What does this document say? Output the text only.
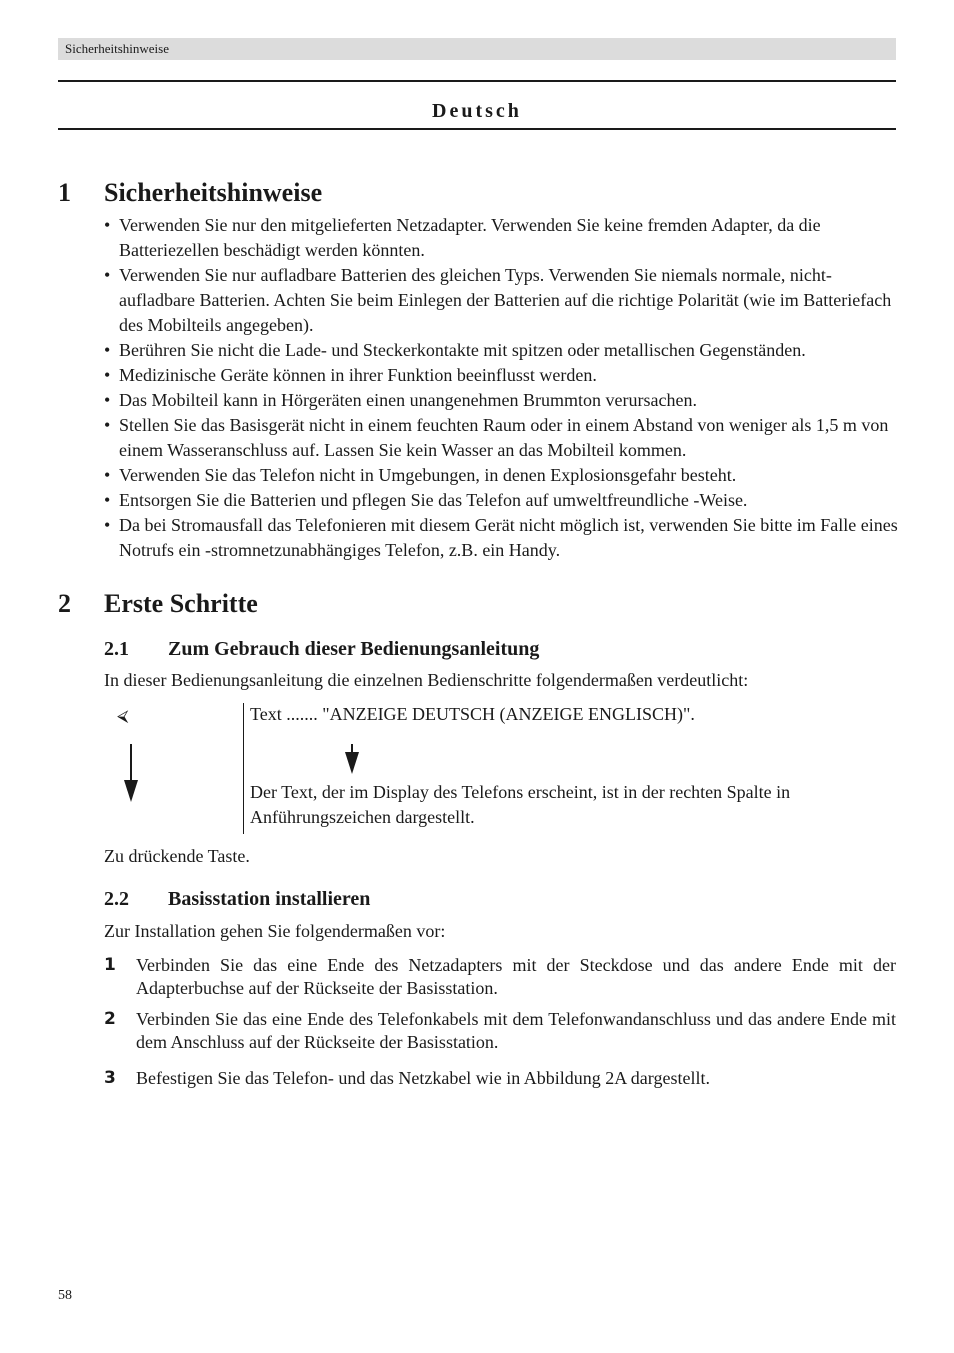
Sicherheitshinweise
Deutsch
1 Sicherheitshinweise
• Verwenden Sie nur den mitgelieferten Netzadapter. Verwenden Sie keine fremden Adapter, da die Batteriezellen beschädigt werden könnten.
• Verwenden Sie nur aufladbare Batterien des gleichen Typs. Verwenden Sie niemals normale, nicht-aufladbare Batterien. Achten Sie beim Einlegen der Batterien auf die richtige Polarität (wie im Batteriefach des Mobilteils angegeben).
• Berühren Sie nicht die Lade- und Steckerkontakte mit spitzen oder metallischen Gegenständen.
• Medizinische Geräte können in ihrer Funktion beeinflusst werden.
• Das Mobilteil kann in Hörgeräten einen unangenehmen Brummton verursachen.
• Stellen Sie das Basisgerät nicht in einem feuchten Raum oder in einem Abstand von weniger als 1,5 m von einem Wasseranschluss auf. Lassen Sie kein Wasser an das Mobilteil kommen.
• Verwenden Sie das Telefon nicht in Umgebungen, in denen Explosionsgefahr besteht.
• Entsorgen Sie die Batterien und pflegen Sie das Telefon auf umweltfreundliche -Weise.
• Da bei Stromausfall das Telefonieren mit diesem Gerät nicht möglich ist, verwenden Sie bitte im Falle eines Notrufs ein -stromnetzunabhängiges Telefon, z.B. ein Handy.
2 Erste Schritte
2.1 Zum Gebrauch dieser Bedienungsanleitung
In dieser Bedienungsanleitung die einzelnen Bedienschritte folgendermaßen verdeutlicht:
⮘	Text ....... "ANZEIGE DEUTSCH (ANZEIGE ENGLISCH)".
Der Text, der im Display des Telefons erscheint, ist in der rechten Spalte in Anführungszeichen dargestellt.
Zu drückende Taste.
2.2 Basisstation installieren
Zur Installation gehen Sie folgendermaßen vor:
1 Verbinden Sie das eine Ende des Netzadapters mit der Steckdose und das andere Ende mit der Adapterbuchse auf der Rückseite der Basisstation.
2 Verbinden Sie das eine Ende des Telefonkabels mit dem Telefonwandanschluss und das andere Ende mit dem Anschluss auf der Rückseite der Basisstation.
3 Befestigen Sie das Telefon- und das Netzkabel wie in Abbildung 2A dargestellt.
58
